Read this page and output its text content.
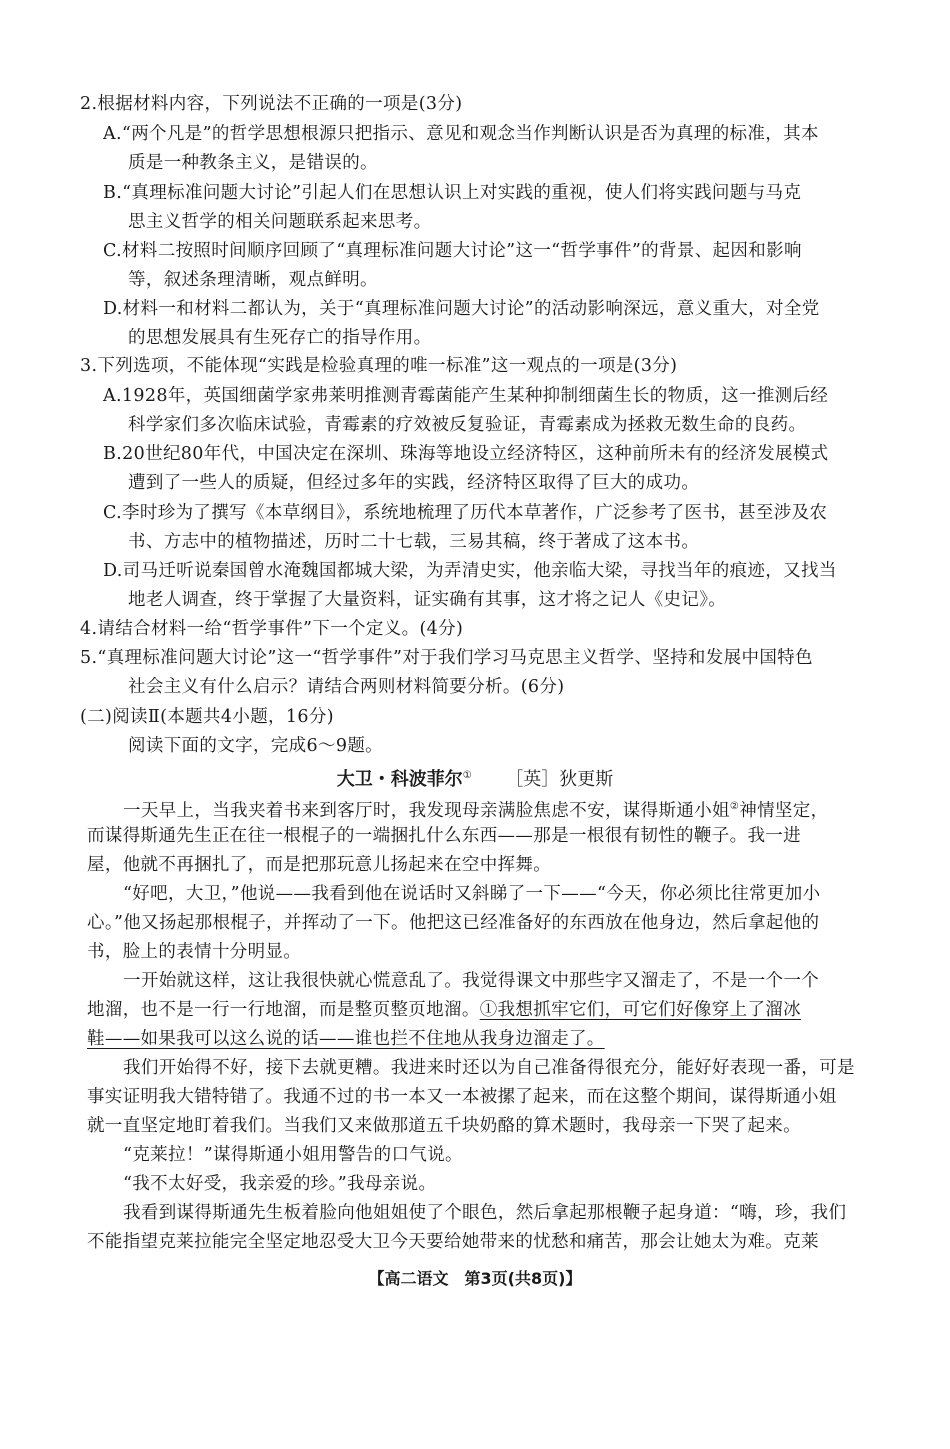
2.根据材料内容，下列说法不正确的一项是(3分)
A.“两个凡是”的哲学思想根源只把指示、意见和观念当作判断认识是否为真理的标准，其本
质是一种教条主义，是错误的。
B.“真理标准问题大讨论”引起人们在思想认识上对实践的重视，使人们将实践问题与马克
思主义哲学的相关问题联系起来思考。
C.材料二按照时间顺序回顾了“真理标准问题大讨论”这一“哲学事件”的背景、起因和影响
等，叙述条理清晰，观点鲜明。
D.材料一和材料二都认为，关于“真理标准问题大讨论”的活动影响深远，意义重大，对全党
的思想发展具有生死存亡的指导作用。
3.下列选项，不能体现“实践是检验真理的唯一标准”这一观点的一项是(3分)
A.1928年，英国细菌学家弗莱明推测青霉菌能产生某种抑制细菌生长的物质，这一推测后经
科学家们多次临床试验，青霉素的疗效被反复验证，青霉素成为拯救无数生命的良药。
B.20世纪80年代，中国决定在深圳、珠海等地设立经济特区，这种前所未有的经济发展模式
遭到了一些人的质疑，但经过多年的实践，经济特区取得了巨大的成功。
C.李时珍为了撰写《本草纲目》，系统地梳理了历代本草著作，广泛参考了医书，甚至涉及农
书、方志中的植物描述，历时二十七载，三易其稿，终于著成了这本书。
D.司马迁听说秦国曾水淹魏国都城大梁，为弄清史实，他亲临大梁，寻找当年的痕迹，又找当
地老人调查，终于掌握了大量资料，证实确有其事，这才将之记人《史记》。
4.请结合材料一给“哲学事件”下一个定义。(4分)
5.“真理标准问题大讨论”这一“哲学事件”对于我们学习马克思主义哲学、坚持和发展中国特色
社会主义有什么启示？请结合两则材料简要分析。(6分)
(二)阅读Ⅱ(本题共4小题，16分)
阅读下面的文字，完成6～9题。
大卫・科波菲尔① ［英］狄更斯
一天早上，当我夹着书来到客厅时，我发现母亲满脸焦虑不安，谋得斯通小姐②神情坚定，
而谋得斯通先生正在往一根棍子的一端捆扎什么东西——那是一根很有韧性的鞭子。我一进
屋，他就不再捆扎了，而是把那玩意儿扬起来在空中挥舞。
“好吧，大卫，”他说——我看到他在说话时又斜睇了一下——“今天，你必须比往常更加小
心。”他又扬起那根棍子，并挥动了一下。他把这已经准备好的东西放在他身边，然后拿起他的
书，脸上的表情十分明显。
一开始就这样，这让我很快就心慌意乱了。我觉得课文中那些字又溜走了，不是一个一个
地溜，也不是一行一行地溜，而是整页整页地溜。①我想抓牢它们，可它们好像穿上了溜冰
鞋——如果我可以这么说的话——谁也拦不住地从我身边溜走了。
我们开始得不好，接下去就更糟。我进来时还以为自己准备得很充分，能好好表现一番，可是
事实证明我大错特错了。我通不过的书一本又一本被摞了起来，而在这整个期间，谋得斯通小姐
就一直坚定地盯着我们。当我们又来做那道五千块奶酪的算术题时，我母亲一下哭了起来。
“克莱拉！”谋得斯通小姐用警告的口气说。
“我不太好受，我亲爱的珍。”我母亲说。
我看到谋得斯通先生板着脸向他姐姐使了个眼色，然后拿起那根鞭子起身道：“嗨，珍，我们
不能指望克莱拉能完全坚定地忍受大卫今天要给她带来的忧愁和痛苦，那会让她太为难。克莱
【高二语文　第3页(共8页)】
